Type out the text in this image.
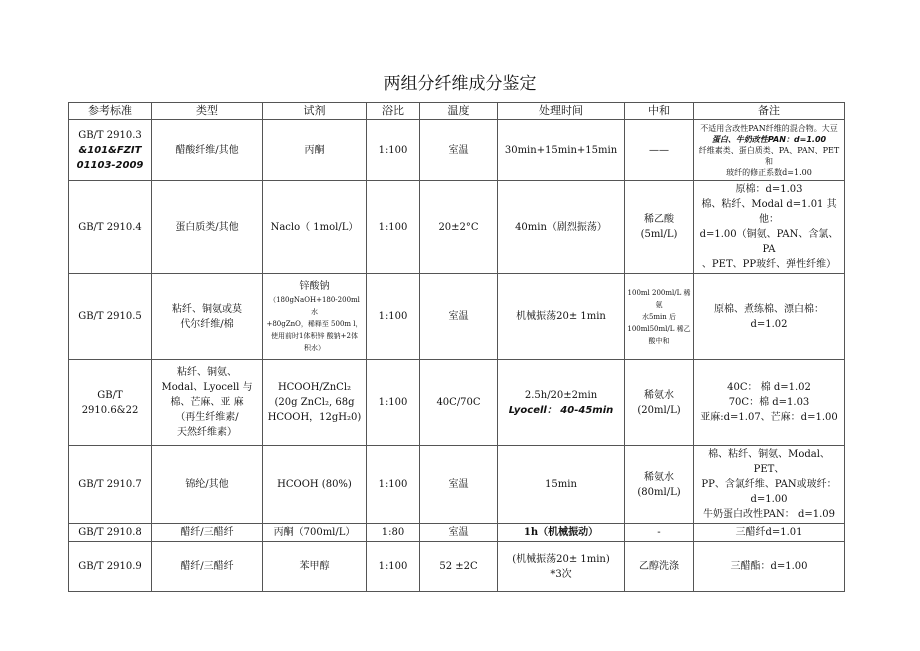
两组分纤维成分鉴定
参考标准	类型	试剂	浴比	温度	处理时间	中和	备注

GB/T 2910.3
&101&FZIT
01103-2009	醋酸纤维/其他	丙酮	1:100	室温	30min+15min+15min	——	不适用含改性PAN纤维的混合物。大豆
蛋白、牛奶改性PAN：d=1.00
纤维素类、蛋白质类、PA、PAN、PET 和
玻纤的修正系数d=1.00

GB/T 2910.4	蛋白质类/其他	Naclo（ 1mol/L）	1:100	20±2°C	40min（剧烈振荡）	稀乙酸
(5ml/L)	原棉：d=1.03
棉、粘纤、Modal d=1.01 其他：
d=1.00（铜氨、PAN、含氯、 PA
、PET、PP玻纤、弹性纤维）

GB/T 2910.5	粘纤、铜氨或莫
代尔纤维/棉	锌酸钠
（180gNaOH+180-200ml 水
+80gZnO，稀释至 500m l，
使用前时1体积锌 酸钠+2体
积水）	1:100	室温	机械振荡20± 1min	100ml 200ml/L 稀氨
水5min 后
100ml50ml/L 稀乙
酸中和	原棉、煮练棉、漂白棉：d=1.02

GB/T
2910.6&22	粘纤、铜氨、
Modal、Lyocell 与
棉、芒麻、亚 麻
（再生纤维素/
天然纤维素）	HCOOH/ZnCl₂
(20g ZnCl₂, 68g
HCOOH，12gH₂0)	1:100	40C/70C	2.5h/20±2min
Lyocell： 40-45min	稀氨水
(20ml/L)	40C： 棉 d=1.02
70C：棉 d=1.03
亚麻:d=1.07、芒麻：d=1.00

GB/T 2910.7	锦纶/其他	HCOOH (80%)	1:100	室温	15min	稀氨水
(80ml/L)	棉、粘纤、铜氨、Modal、PET、
PP、含氯纤维、PAN或玻纤：d=1.00
牛奶蛋白改性PAN： d=1.09

GB/T 2910.8	醋纤/三醋纤	丙酮（700ml/L）	1:80	室温	1h（机械振动）	-	三醋纤d=1.01
GB/T 2910.9	醋纤/三醋纤	苯甲醇	1:100	52 ±2C	(机械振荡20± 1min)
*3次	乙醇洗涤	三醋酯：d=1.00
